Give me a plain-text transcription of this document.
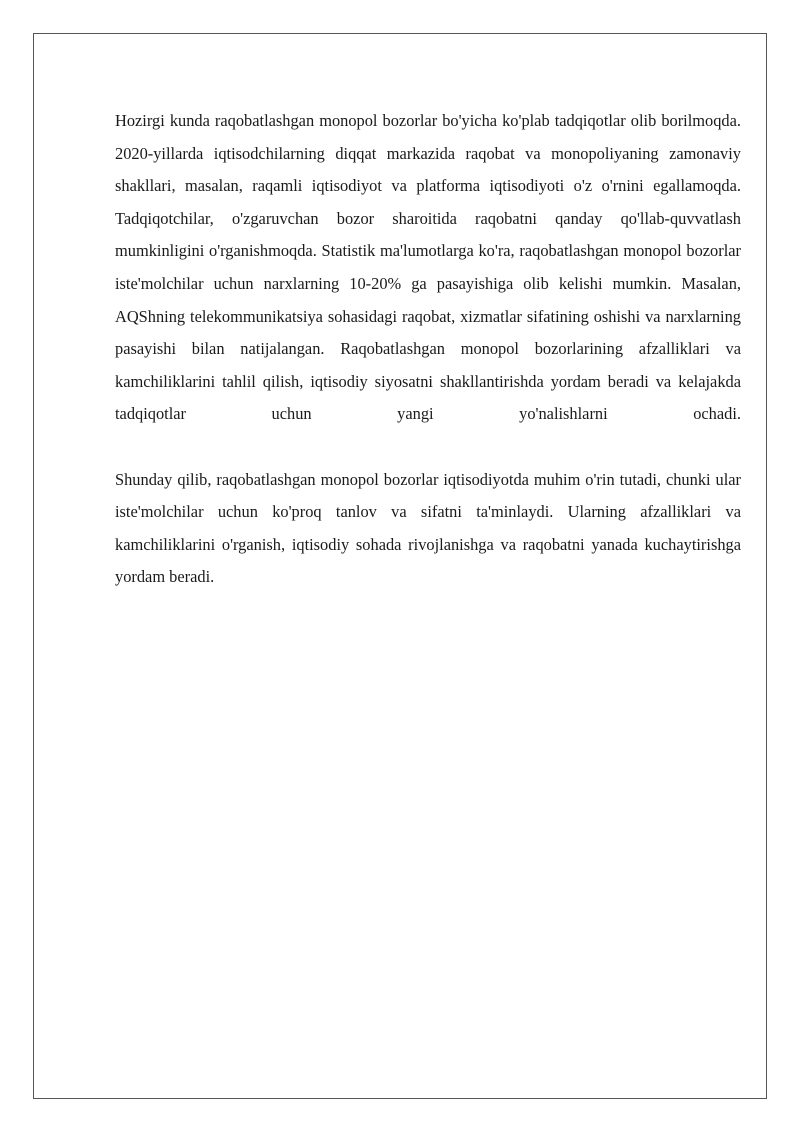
Hozirgi kunda raqobatlashgan monopol bozorlar bo'yicha ko'plab tadqiqotlar olib borilmoqda. 2020-yillarda iqtisodchilarning diqqat markazida raqobat va monopoliyaning zamonaviy shakllari, masalan, raqamli iqtisodiyot va platforma iqtisodiyoti o'z o'rnini egallamoqda. Tadqiqotchilar, o'zgaruvchan bozor sharoitida raqobatni qanday qo'llab-quvvatlash mumkinligini o'rganishmoqda. Statistik ma'lumotlarga ko'ra, raqobatlashgan monopol bozorlar iste'molchilar uchun narxlarning 10-20% ga pasayishiga olib kelishi mumkin. Masalan, AQShning telekommunikatsiya sohasidagi raqobat, xizmatlar sifatining oshishi va narxlarning pasayishi bilan natijalangan. Raqobatlashgan monopol bozorlarining afzalliklari va kamchiliklarini tahlil qilish, iqtisodiy siyosatni shakllantirishda yordam beradi va kelajakda tadqiqotlar uchun yangi yo'nalishlarni ochadi.

Shunday qilib, raqobatlashgan monopol bozorlar iqtisodiyotda muhim o'rin tutadi, chunki ular iste'molchilar uchun ko'proq tanlov va sifatni ta'minlaydi. Ularning afzalliklari va kamchiliklarini o'rganish, iqtisodiy sohada rivojlanishga va raqobatni yanada kuchaytirishga yordam beradi.
